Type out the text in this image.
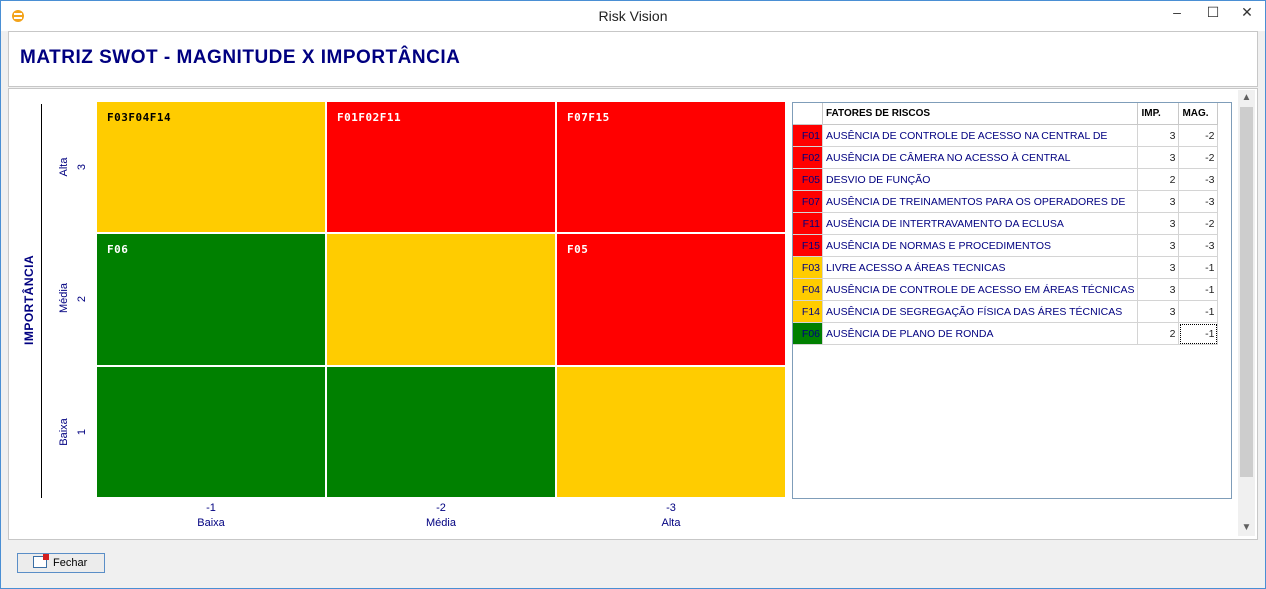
Risk Vision	–	☐	✕
MATRIZ SWOT - MAGNITUDE X IMPORTÂNCIA
▲
▼
IMPORTÂNCIA
Alta 3
Média 2
Baixa 1
F03F04F14	F01F02F11	F07F15
F06	F05
-1
Baixa
-2
Média
-3
Alta
	FATORES DE RISCOS	IMP.	MAG.
F01	AUSÊNCIA DE CONTROLE DE ACESSO NA CENTRAL DE	3	-2
F02	AUSÊNCIA DE CÂMERA NO ACESSO À CENTRAL	3	-2
F05	DESVIO DE FUNÇÃO	2	-3
F07	AUSÊNCIA DE TREINAMENTOS PARA OS OPERADORES DE	3	-3
F11	AUSÊNCIA DE INTERTRAVAMENTO DA ECLUSA	3	-2
F15	AUSÊNCIA DE NORMAS E PROCEDIMENTOS	3	-3
F03	LIVRE ACESSO A ÁREAS TECNICAS	3	-1
F04	AUSÊNCIA DE CONTROLE DE ACESSO EM ÁREAS TÉCNICAS	3	-1
F14	AUSÊNCIA DE SEGREGAÇÃO FÍSICA DAS ÁRES TÉCNICAS	3	-1
F06	AUSÊNCIA DE PLANO DE RONDA	2	-1
Fechar
